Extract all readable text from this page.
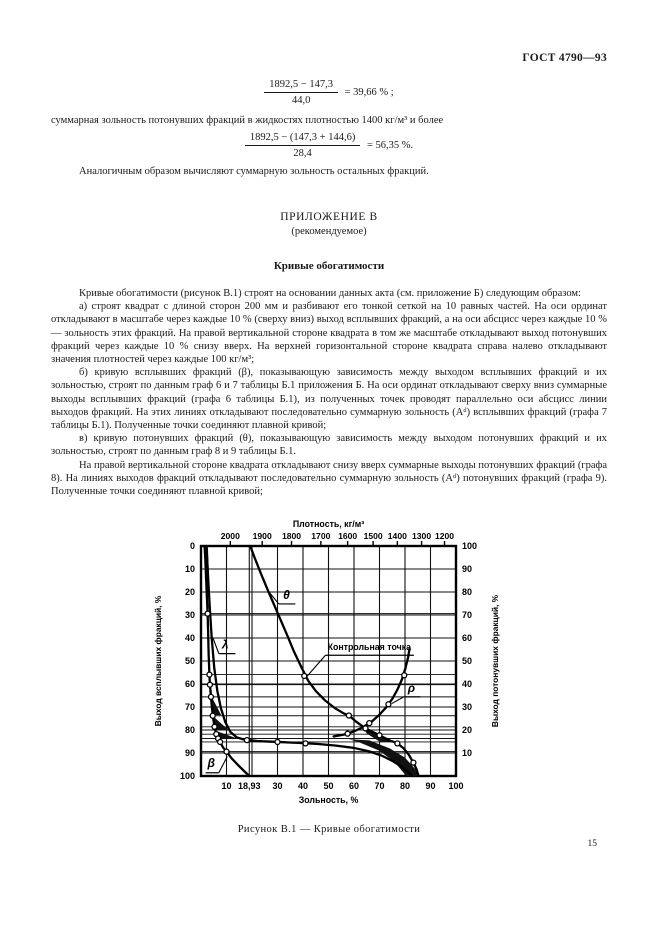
ГОСТ 4790—93
$\frac{1892,5 - 147,3}{44,0} = 39,66$ % ;

суммарная зольность потонувших фракций в жидкостях плотностью 1400 кг/м³ и более

$\frac{1892,5 - (147,3 + 144,6)}{28,4} = 56,35$ %.

Аналогичным образом вычисляют суммарную зольность остальных фракций.

ПРИЛОЖЕНИЕ В
(рекомендуемое)
Кривые обогатимости

Кривые обогатимости (рисунок В.1) строят на основании данных акта (см. приложение Б) следующим образом:

а) строят квадрат с длиной сторон 200 мм и разбивают его тонкой сеткой на 10 равных частей. На оси ординат откладывают в масштабе через каждые 10 % (сверху вниз) выход всплывших фракций, а на оси абсцисс через каждые 10 % — зольность этих фракций. На правой вертикальной стороне квадрата в том же масштабе откладывают выход потонувших фракций через каждые 10 % снизу вверх. На верхней горизонтальной стороне квадрата справа налево откладывают значения плотностей через каждые 100 кг/м³;

б) кривую всплывших фракций (β), показывающую зависимость между выходом всплывших фракций и их зольностью, строят по данным граф 6 и 7 таблицы Б.1 приложения Б. На оси ординат откладывают сверху вниз суммарные выходы всплывших фракций (графа 6 таблицы Б.1), из полученных точек проводят параллельно оси абсцисс линии выходов фракций. На этих линиях откладывают последовательно суммарную зольность (Аᵈ) всплывших фракций (графа 7 таблицы Б.1). Полученные точки соединяют плавной кривой;

в) кривую потонувших фракций (θ), показывающую зависимость между выходом потонувших фракций и их зольностью, строят по данным граф 8 и 9 таблицы Б.1.

На правой вертикальной стороне квадрата откладывают снизу вверх суммарные выходы потонувших фракций (графа 8). На линиях выходов фракций откладывают последовательно суммарную зольность (Аᵈ) потонувших фракций (графа 9). Полученные точки соединяют плавной кривой;

2000 1900 1800 1700 1600 1500 1400 1300 1200
Плотность, кг/м³
0
10
20
30
40
50
60
70
80
90
100
100
90
80
70
60
50
40
30
20
10
10 18,93 30 40 50 60 70 80 90 100
Зольность, %
Выход всплывших фракций, %	Выход потонувших фракций, %
λ
θ
ρ
β
Контрольная точка
Рисунок В.1 — Кривые обогатимости
15
